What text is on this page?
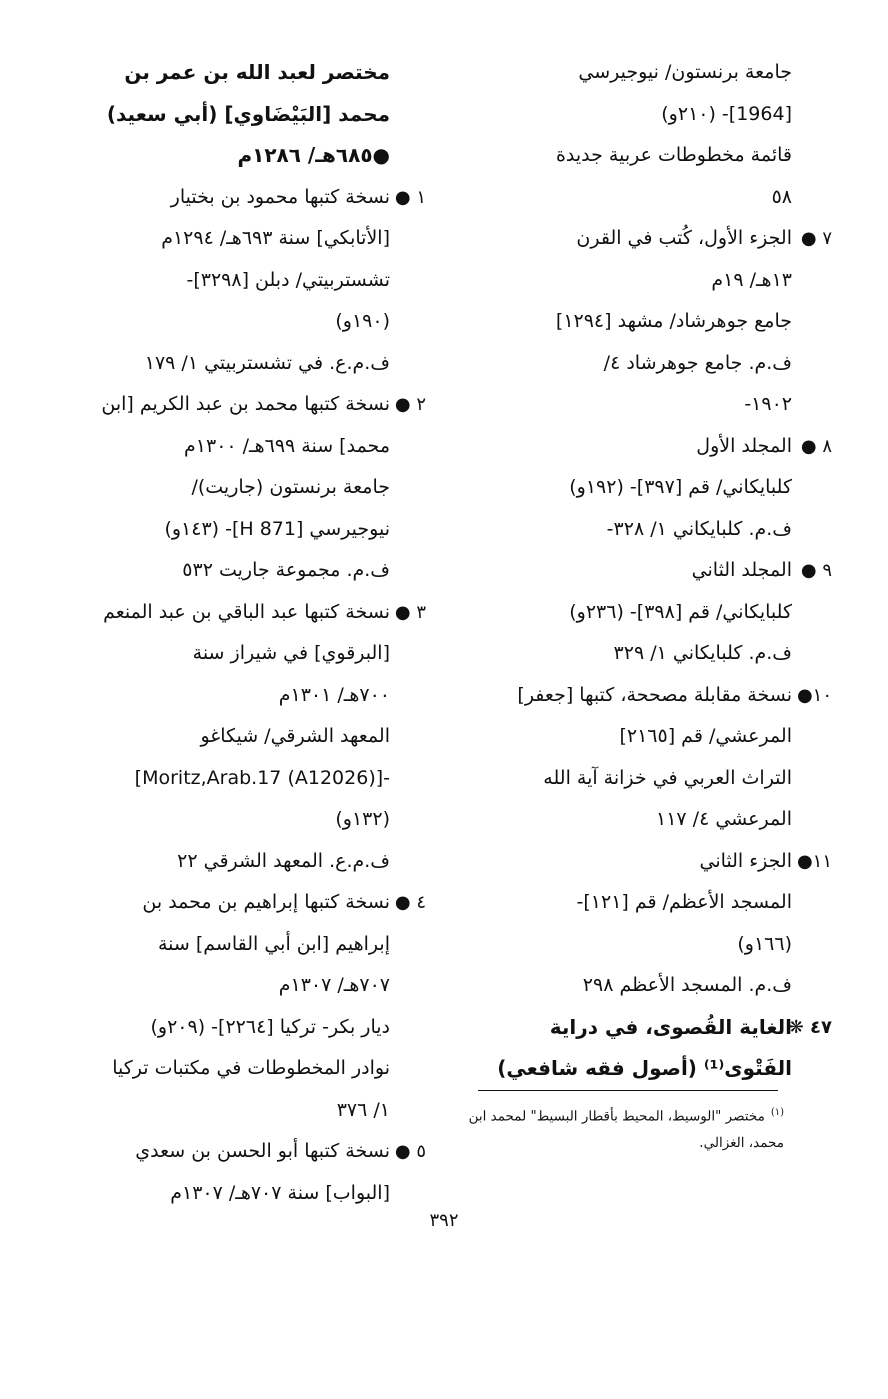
جامعة برنستون/ نيوجيرسي
[1964]- (٢١٠و)
قائمة مخطوطات عربية جديدة
٥٨
٧ ●
الجزء الأول، كُتب في القرن
١٣هـ/ ١٩م
جامع جوهرشاد/ مشهد [١٢٩٤]
ف.م. جامع جوهرشاد ٤/
١٩٠٢-
٨ ●
المجلد الأول
كلبايكاني/ قم [٣٩٧]- (١٩٢و)
ف.م. كلبايكاني ١/ ٣٢٨-
٩ ●
المجلد الثاني
كلبايكاني/ قم [٣٩٨]- (٢٣٦و)
ف.م. كلبايكاني ١/ ٣٢٩
١٠●
نسخة مقابلة مصححة، كتبها [جعفر]
المرعشي/ قم [٢١٦٥]
التراث العربي في خزانة آية الله
المرعشي ٤/ ١١٧
١١●
الجزء الثاني
المسجد الأعظم/ قم [١٢١]-
(١٦٦و)
ف.م. المسجد الأعظم ٢٩٨
٤٧ ❋
الغاية القُصوى، في دراية
الفَتْوى⁽¹⁾ (أصول فقه شافعي)
مختصر لعبد الله بن عمر بن
محمد [البَيْضَاوي] (أبي سعيد)
●٦٨٥هـ/ ١٢٨٦م
١ ●
نسخة كتبها محمود بن بختيار
[الأتابكي] سنة ٦٩٣هـ/ ١٢٩٤م
تشستربيتي/ دبلن [٣٢٩٨]-
(١٩٠و)
ف.م.ع. في تشستربيتي ١/ ١٧٩
٢ ●
نسخة كتبها محمد بن عبد الكريم [ابن
محمد] سنة ٦٩٩هـ/ ١٣٠٠م
جامعة برنستون (جاريت)/
نيوجيرسي [H 871]- (١٤٣و)
ف.م. مجموعة جاريت ٥٣٢
٣ ●
نسخة كتبها عبد الباقي بن عبد المنعم
[البرقوي] في شيراز سنة
٧٠٠هـ/ ١٣٠١م
المعهد الشرقي/ شيكاغو
-[(A12026) Moritz,Arab.17]
(١٣٢و)
ف.م.ع. المعهد الشرقي ٢٢
٤ ●
نسخة كتبها إبراهيم بن محمد بن
إبراهيم [ابن أبي القاسم] سنة
٧٠٧هـ/ ١٣٠٧م
ديار بكر- تركيا [٢٢٦٤]- (٢٠٩و)
نوادر المخطوطات في مكتبات تركيا
١/ ٣٧٦
٥ ●
نسخة كتبها أبو الحسن بن سعدي
[البواب] سنة ٧٠٧هـ/ ١٣٠٧م
$^{(١)}$مختصر "الوسيط، المحيط بأقطار البسيط" لمحمد ابن محمد، الغزالي.
٣٩٢
